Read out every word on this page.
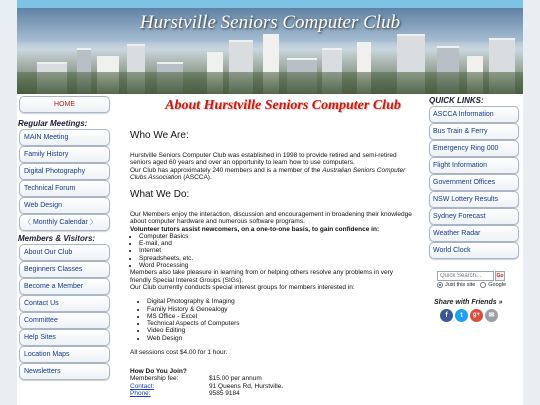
Hurstville Seniors Computer Club
HOME
Regular Meetings:
MAIN Meeting
Family History
Digital Photography
Technical Forum
Web Design
〈 Monthly Calendar 〉
Members & Visitors:
About Our Club
Beginners Classes
Become a Member
Contact Us
Committee
Help Sites
Location Maps
Newsletters
About Hurstville Seniors Computer Club
Who We Are:
Hurstville Seniors Computer Club was established in 1998 to provide retired and semi-retired seniors aged 60 years and over an opportunity to learn how to use computers.
Our Club has approximately 240 members and is a member of the Australian Seniors Computer Clubs Association (ASCCA).
What We Do:
Our Members enjoy the interaction, discussion and encouragement in broadening their knowledge about computer hardware and numerous software programs.
Volunteer tutors assist newcomers, on a one-to-one basis, to gain confidence in:
• Computer Basics
• E-mail, and
• Internet
• Spreadsheets, etc.
• Word Processing
Members also take pleasure in learning from or helping others resolve any problems in very friendly Special Interest Groups (SIGs).
Our Club currently conducts special interest groups for members interested in:
• Digital Photography & Imaging
• Family History & Genealogy
• MS Office - Excel
• Technical Aspects of Computers
• Video Editing
• Web Design
All sessions cost $4.00 for 1 hour.
How Do You Join?
Membership fee:	$15.00 per annum
Contact:	91 Queens Rd, Hurstville.
Phone:	9585 9184
QUICK LINKS:
ASCCA Information
Bus Train & Ferry
Emergency Ring 000
Flight Information
Government Offices
NSW Lottery Results
Sydney Forecast
Weather Radar
World Clock
Quick Search...
Go
Just this site Google
Share with Friends »
f	t	g+	✉
